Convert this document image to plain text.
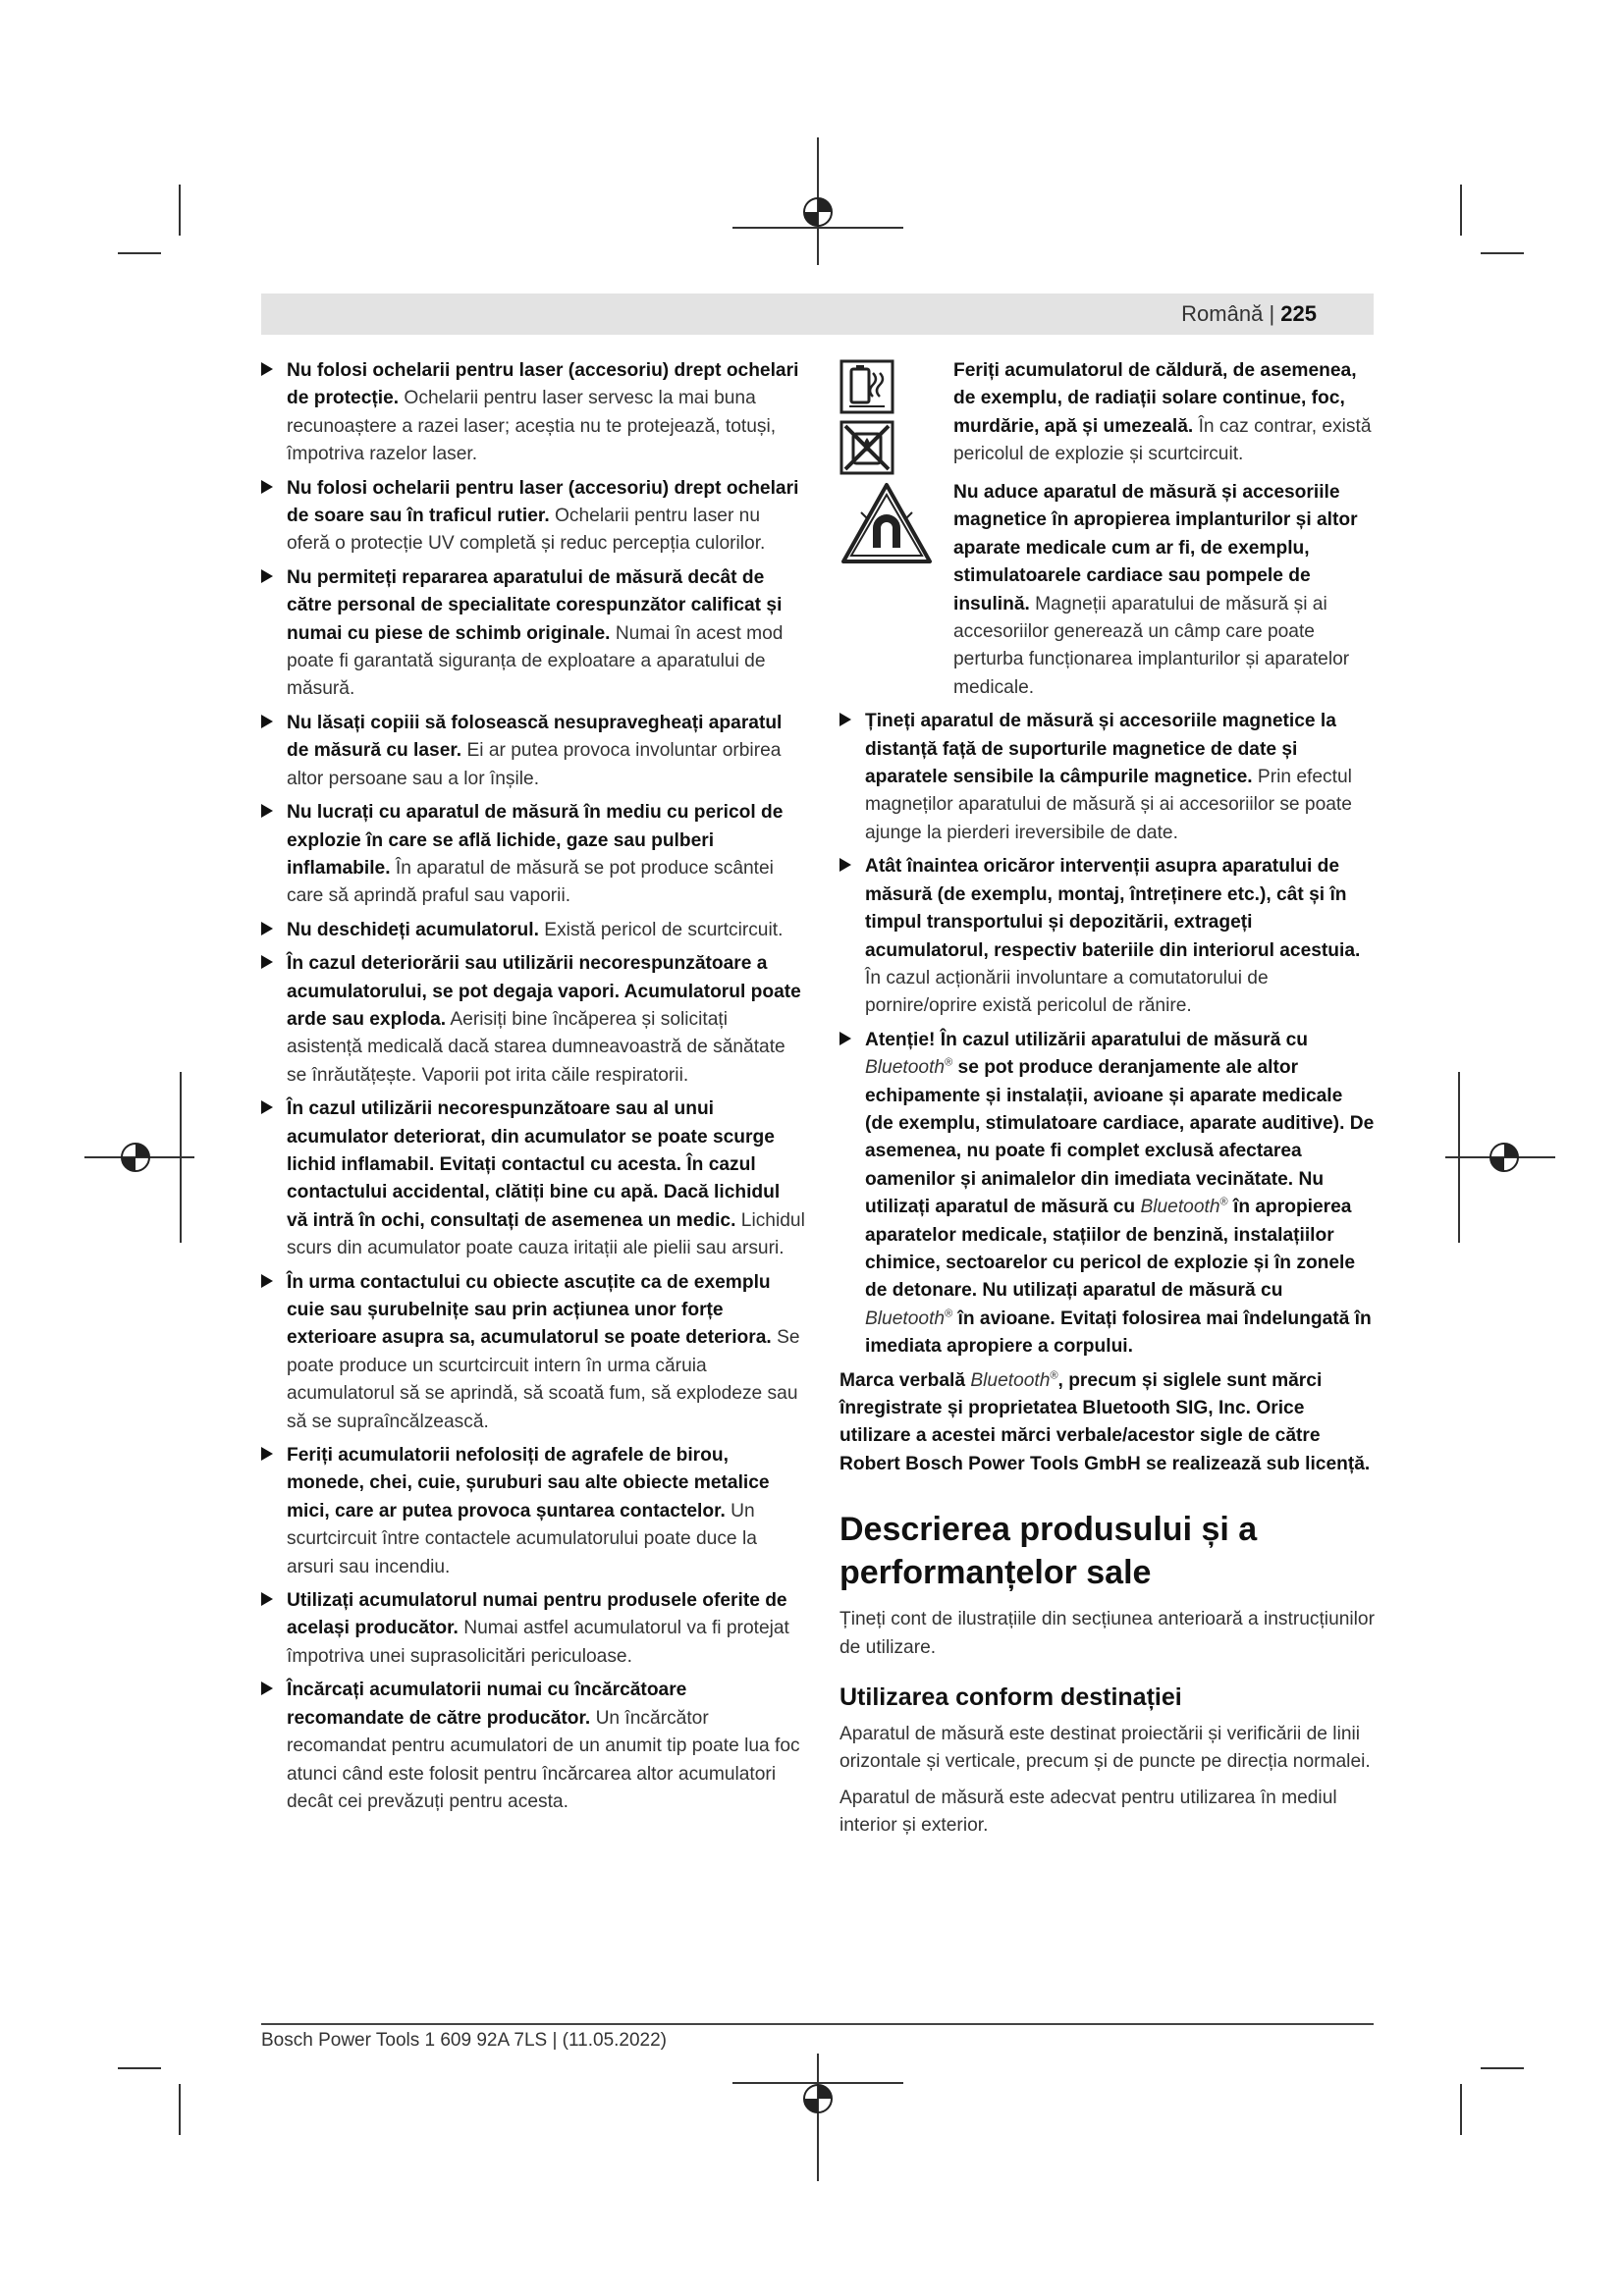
Română | 225
Nu folosi ochelarii pentru laser (accesoriu) drept ochelari de protecție. Ochelarii pentru laser servesc la mai buna recunoaștere a razei laser; aceștia nu te protejează, totuși, împotriva razelor laser.
Nu folosi ochelarii pentru laser (accesoriu) drept ochelari de soare sau în traficul rutier. Ochelarii pentru laser nu oferă o protecție UV completă și reduc percepția culorilor.
Nu permiteți repararea aparatului de măsură decât de către personal de specialitate corespunzător calificat și numai cu piese de schimb originale. Numai în acest mod poate fi garantată siguranța de exploatare a aparatului de măsură.
Nu lăsați copiii să folosească nesupravegheați aparatul de măsură cu laser. Ei ar putea provoca involuntar orbirea altor persoane sau a lor înșile.
Nu lucrați cu aparatul de măsură în mediu cu pericol de explozie în care se află lichide, gaze sau pulberi inflamabile. În aparatul de măsură se pot produce scântei care să aprindă praful sau vaporii.
Nu deschideți acumulatorul. Există pericol de scurtcircuit.
În cazul deteriorării sau utilizării necorespunzătoare a acumulatorului, se pot degaja vapori. Acumulatorul poate arde sau exploda. Aerisiți bine încăperea și solicitați asistență medicală dacă starea dumneavoastră de sănătate se înrăutățește. Vaporii pot irita căile respiratorii.
În cazul utilizării necorespunzătoare sau al unui acumulator deteriorat, din acumulator se poate scurge lichid inflamabil. Evitați contactul cu acesta. În cazul contactului accidental, clătiți bine cu apă. Dacă lichidul vă intră în ochi, consultați de asemenea un medic. Lichidul scurs din acumulator poate cauza iritații ale pielii sau arsuri.
În urma contactului cu obiecte ascuțite ca de exemplu cuie sau șurubelnițe sau prin acțiunea unor forțe exterioare asupra sa, acumulatorul se poate deteriora. Se poate produce un scurtcircuit intern în urma căruia acumulatorul să se aprindă, să scoată fum, să explodeze sau să se supraîncălzească.
Feriți acumulatorii nefolosiți de agrafele de birou, monede, chei, cuie, șuruburi sau alte obiecte metalice mici, care ar putea provoca șuntarea contactelor. Un scurtcircuit între contactele acumulatorului poate duce la arsuri sau incendiu.
Utilizați acumulatorul numai pentru produsele oferite de același producător. Numai astfel acumulatorul va fi protejat împotriva unei suprasolicitări periculoase.
Încărcați acumulatorii numai cu încărcătoare recomandate de către producător. Un încărcător recomandat pentru acumulatori de un anumit tip poate lua foc atunci când este folosit pentru încărcarea altor acumulatori decât cei prevăzuți pentru acesta.
Feriți acumulatorul de căldură, de asemenea, de exemplu, de radiații solare continue, foc, murdărie, apă și umezeală. În caz contrar, există pericolul de explozie și scurtcircuit.
Nu aduce aparatul de măsură și accesoriile magnetice în apropierea implanturilor și altor aparate medicale cum ar fi, de exemplu, stimulatoarele cardiace sau pompele de insulină. Magneții aparatului de măsură și ai accesoriilor generează un câmp care poate perturba funcționarea implanturilor și aparatelor medicale.
Țineți aparatul de măsură și accesoriile magnetice la distanță față de suporturile magnetice de date și aparatele sensibile la câmpurile magnetice. Prin efectul magneților aparatului de măsură și ai accesoriilor se poate ajunge la pierderi ireversibile de date.
Atât înaintea oricăror intervenții asupra aparatului de măsură (de exemplu, montaj, întreținere etc.), cât și în timpul transportului și depozitării, extrageți acumulatorul, respectiv bateriile din interiorul acestuia. În cazul acționării involuntare a comutatorului de pornire/oprire există pericolul de rănire.
Atenție! În cazul utilizării aparatului de măsură cu Bluetooth® se pot produce deranjamente ale altor echipamente și instalații, avioane și aparate medicale (de exemplu, stimulatoare cardiace, aparate auditive). De asemenea, nu poate fi complet exclusă afectarea oamenilor și animalelor din imediata vecinătate. Nu utilizați aparatul de măsură cu Bluetooth® în apropierea aparatelor medicale, stațiilor de benzină, instalațiilor chimice, sectoarelor cu pericol de explozie și în zonele de detonare. Nu utilizați aparatul de măsură cu Bluetooth® în avioane. Evitați folosirea mai îndelungată în imediata apropiere a corpului.
Marca verbală Bluetooth®, precum și siglele sunt mărci înregistrate și proprietatea Bluetooth SIG, Inc. Orice utilizare a acestei mărci verbale/acestor sigle de către Robert Bosch Power Tools GmbH se realizează sub licență.
Descrierea produsului și a performanțelor sale
Țineți cont de ilustrațiile din secțiunea anterioară a instrucțiunilor de utilizare.
Utilizarea conform destinației
Aparatul de măsură este destinat proiectării și verificării de linii orizontale și verticale, precum și de puncte pe direcția normalei.
Aparatul de măsură este adecvat pentru utilizarea în mediul interior și exterior.
Bosch Power Tools 1 609 92A 7LS | (11.05.2022)
